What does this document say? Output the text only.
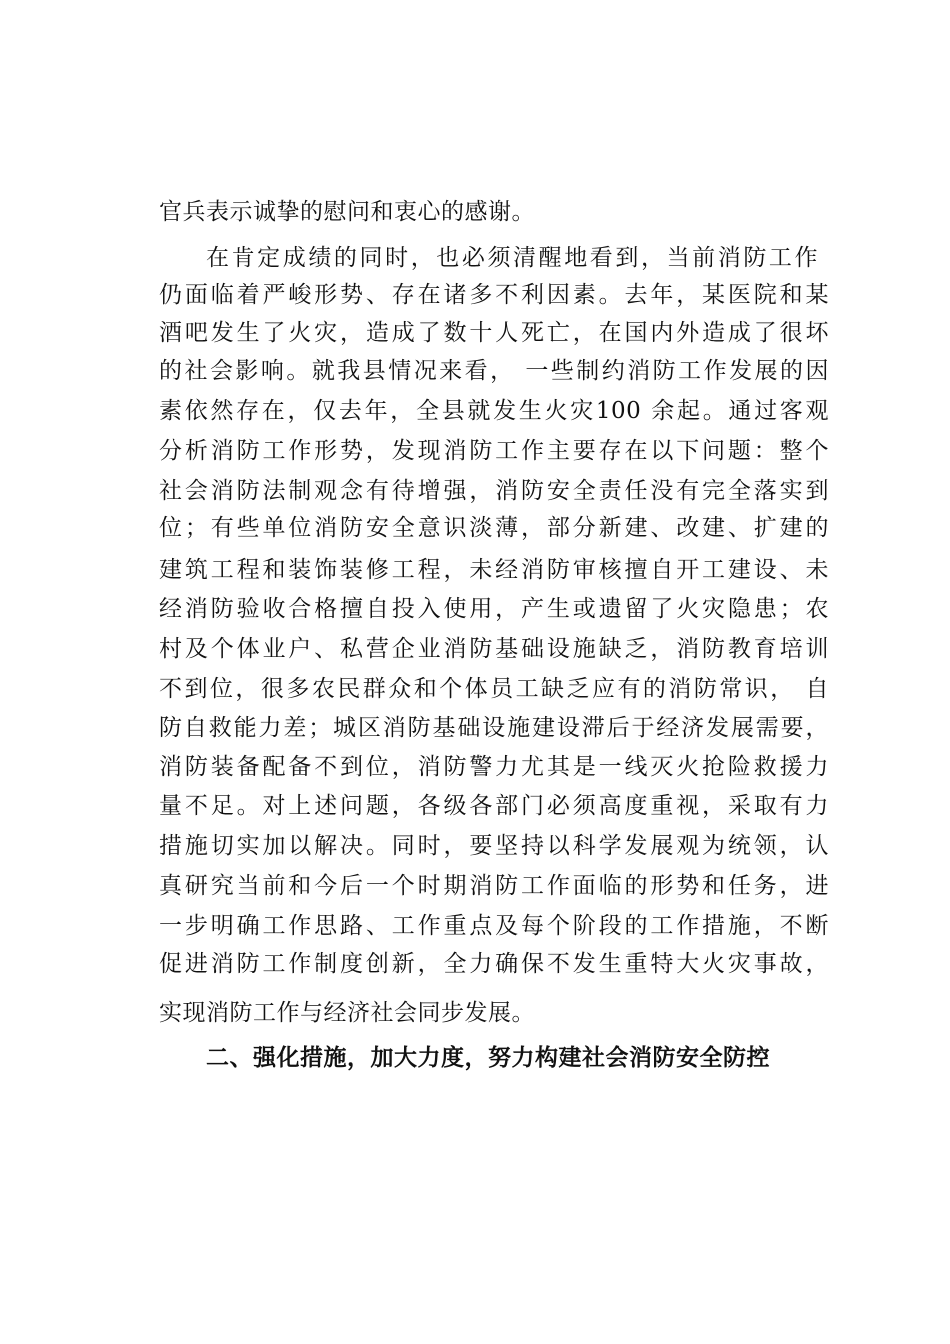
官兵表示诚挚的慰问和衷心的感谢。
在肯定成绩的同时，也必须清醒地看到，当前消防工作
仍面临着严峻形势、存在诸多不利因素。去年，某医院和某
酒吧发生了火灾，造成了数十人死亡，在国内外造成了很坏
的社会影响。就我县情况来看， 一些制约消防工作发展的因
素依然存在，仅去年，全县就发生火灾100 余起。通过客观
分析消防工作形势，发现消防工作主要存在以下问题：整个
社会消防法制观念有待增强，消防安全责任没有完全落实到
位；有些单位消防安全意识淡薄，部分新建、改建、扩建的
建筑工程和装饰装修工程，未经消防审核擅自开工建设、未
经消防验收合格擅自投入使用，产生或遗留了火灾隐患；农
村及个体业户、私营企业消防基础设施缺乏，消防教育培训
不到位，很多农民群众和个体员工缺乏应有的消防常识， 自
防自救能力差；城区消防基础设施建设滞后于经济发展需要，
消防装备配备不到位，消防警力尤其是一线灭火抢险救援力
量不足。对上述问题，各级各部门必须高度重视，采取有力
措施切实加以解决。同时，要坚持以科学发展观为统领，认
真研究当前和今后一个时期消防工作面临的形势和任务，进
一步明确工作思路、工作重点及每个阶段的工作措施，不断
促进消防工作制度创新，全力确保不发生重特大火灾事故，
实现消防工作与经济社会同步发展。
二、强化措施，加大力度，努力构建社会消防安全防控
